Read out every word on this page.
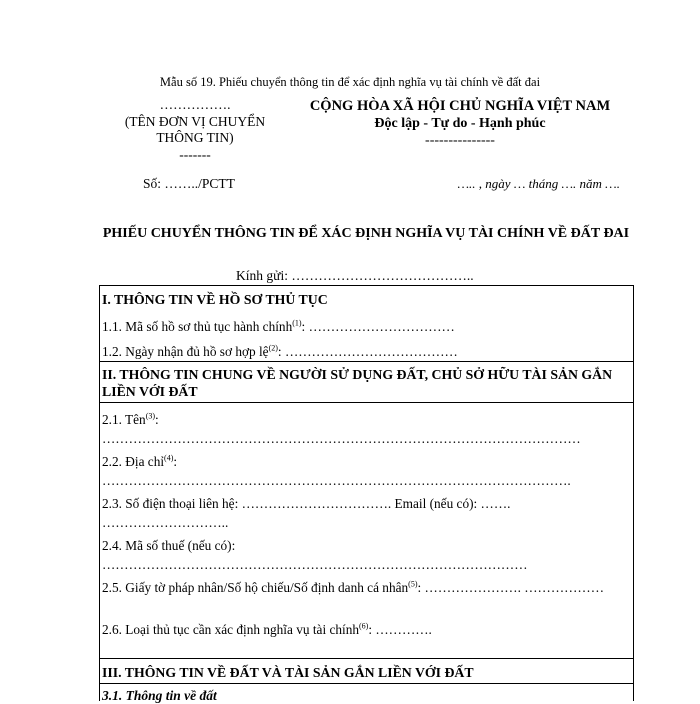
Mẫu số 19. Phiếu chuyển thông tin để xác định nghĩa vụ tài chính về đất đai
…………….
(TÊN ĐƠN VỊ CHUYỂN
THÔNG TIN)
-------
CỘNG HÒA XÃ HỘI CHỦ NGHĨA VIỆT NAM
Độc lập - Tự do - Hạnh phúc
---------------
Số: ……../PCTT	….. , ngày … tháng …. năm ….
PHIẾU CHUYỂN THÔNG TIN ĐỂ XÁC ĐỊNH NGHĨA VỤ TÀI CHÍNH VỀ ĐẤT ĐAI
Kính gửi: …………………………………..
I. THÔNG TIN VỀ HỒ SƠ THỦ TỤC
1.1. Mã số hồ sơ thủ tục hành chính$^{(1)}$: ……………………………
1.2. Ngày nhận đủ hồ sơ hợp lệ$^{(2)}$: …………………………………
II. THÔNG TIN CHUNG VỀ NGƯỜI SỬ DỤNG ĐẤT, CHỦ SỞ HỮU TÀI SẢN GẮN LIỀN VỚI ĐẤT
2.1. Tên$^{(3)}$: ………………………………………………………………………………………………
2.2. Địa chỉ$^{(4)}$: …………………………………………………………………………………………….
2.3. Số điện thoại liên hệ: ……………………………. Email (nếu có): …….
………………………..
2.4. Mã số thuế (nếu có):
……………………………………………………………………………………
2.5. Giấy tờ pháp nhân/Số hộ chiếu/Số định danh cá nhân$^{(5)}$: …………………. ………………
2.6. Loại thủ tục cần xác định nghĩa vụ tài chính$^{(6)}$: ………….
III. THÔNG TIN VỀ ĐẤT VÀ TÀI SẢN GẮN LIỀN VỚI ĐẤT
3.1. Thông tin về đất
